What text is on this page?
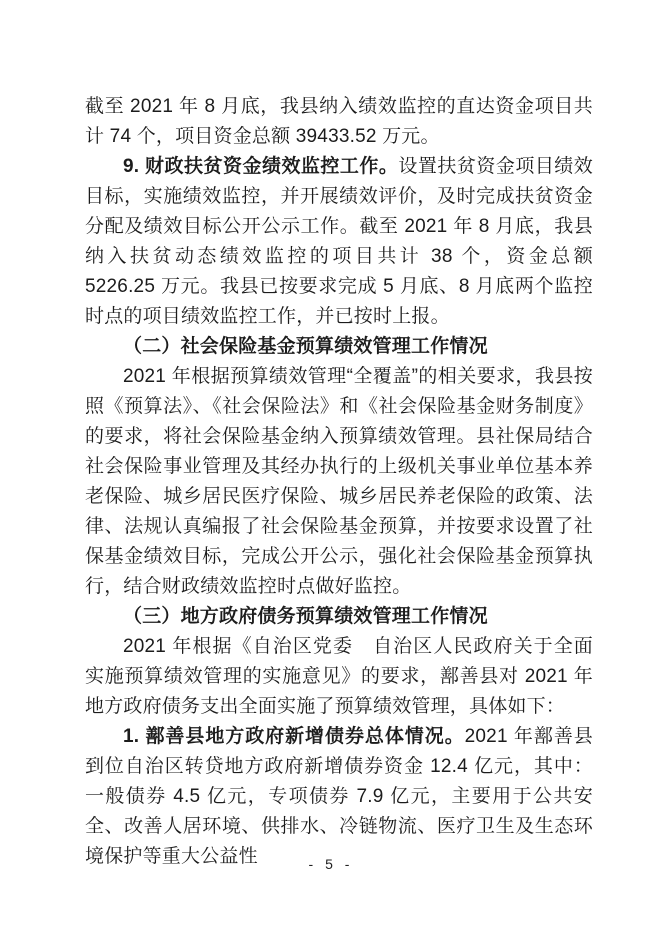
截至 2021 年 8 月底，我县纳入绩效监控的直达资金项目共计 74 个，项目资金总额 39433.52 万元。

9. 财政扶贫资金绩效监控工作。设置扶贫资金项目绩效目标，实施绩效监控，并开展绩效评价，及时完成扶贫资金分配及绩效目标公开公示工作。截至 2021 年 8 月底，我县纳入扶贫动态绩效监控的项目共计 38 个，资金总额 5226.25 万元。我县已按要求完成 5 月底、8 月底两个监控时点的项目绩效监控工作，并已按时上报。

（二）社会保险基金预算绩效管理工作情况

2021 年根据预算绩效管理“全覆盖”的相关要求，我县按照《预算法》、《社会保险法》和《社会保险基金财务制度》的要求，将社会保险基金纳入预算绩效管理。县社保局结合社会保险事业管理及其经办执行的上级机关事业单位基本养老保险、城乡居民医疗保险、城乡居民养老保险的政策、法律、法规认真编报了社会保险基金预算，并按要求设置了社保基金绩效目标，完成公开公示，强化社会保险基金预算执行，结合财政绩效监控时点做好监控。

（三）地方政府债务预算绩效管理工作情况

2021 年根据《自治区党委　自治区人民政府关于全面实施预算绩效管理的实施意见》的要求，鄯善县对 2021 年地方政府债务支出全面实施了预算绩效管理，具体如下：

1. 鄯善县地方政府新增债券总体情况。2021 年鄯善县到位自治区转贷地方政府新增债券资金 12.4 亿元，其中：一般债券 4.5 亿元，专项债券 7.9 亿元，主要用于公共安全、改善人居环境、供排水、冷链物流、医疗卫生及生态环境保护等重大公益性	- 5 -
